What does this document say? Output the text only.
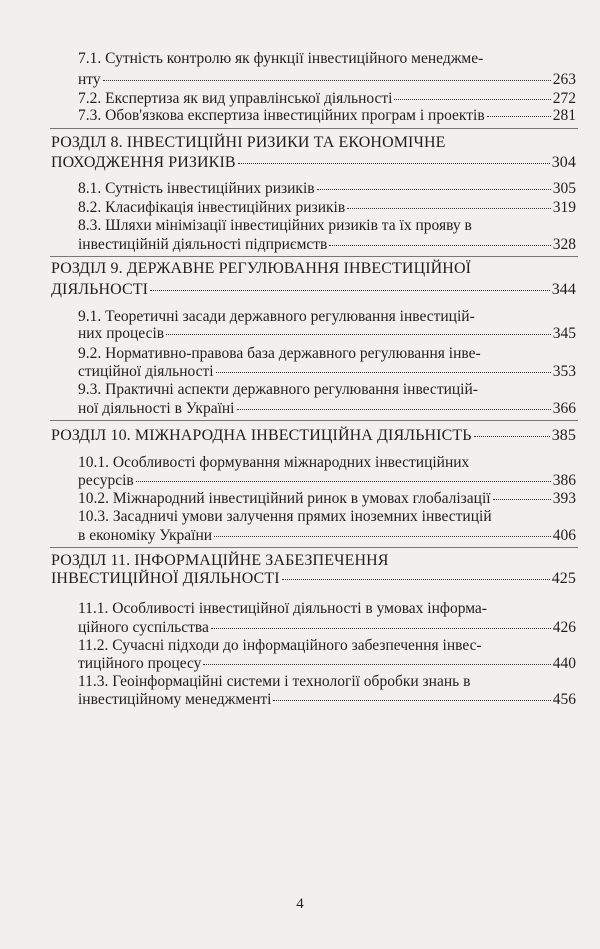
7.1. Сутність контролю як функції інвестиційного менеджме-
нту	263
7.2. Експертиза як вид управлінської діяльності	272
7.3. Обов'язкова експертиза інвестиційних програм і проектів	281
РОЗДІЛ 8. ІНВЕСТИЦІЙНІ РИЗИКИ ТА ЕКОНОМІЧНЕ
ПОХОДЖЕННЯ РИЗИКІВ	304
8.1. Сутність інвестиційних ризиків	305
8.2. Класифікація інвестиційних ризиків	319
8.3. Шляхи мінімізації інвестиційних ризиків та їх прояву в
інвестиційній діяльності підприємств	328
РОЗДІЛ 9. ДЕРЖАВНЕ РЕГУЛЮВАННЯ ІНВЕСТИЦІЙНОЇ
ДІЯЛЬНОСТІ	344
9.1. Теоретичні засади державного регулювання інвестицій-
них процесів	345
9.2. Нормативно-правова база державного регулювання інве-
стиційної діяльності	353
9.3. Практичні аспекти державного регулювання інвестицій-
ної діяльності в Україні	366
РОЗДІЛ 10. МІЖНАРОДНА ІНВЕСТИЦІЙНА ДІЯЛЬНІСТЬ	385
10.1. Особливості формування міжнародних інвестиційних
ресурсів	386
10.2. Міжнародний інвестиційний ринок в умовах глобалізації	393
10.3. Засадничі умови залучення прямих іноземних інвестицій
в економіку України	406
РОЗДІЛ 11. ІНФОРМАЦІЙНЕ ЗАБЕЗПЕЧЕННЯ
ІНВЕСТИЦІЙНОЇ ДІЯЛЬНОСТІ	425
11.1. Особливості інвестиційної діяльності в умовах інформа-
ційного суспільства	426
11.2. Сучасні підходи до інформаційного забезпечення інвес-
тиційного процесу	440
11.3. Геоінформаційні системи і технології обробки знань в
інвестиційному менеджменті	456
4
